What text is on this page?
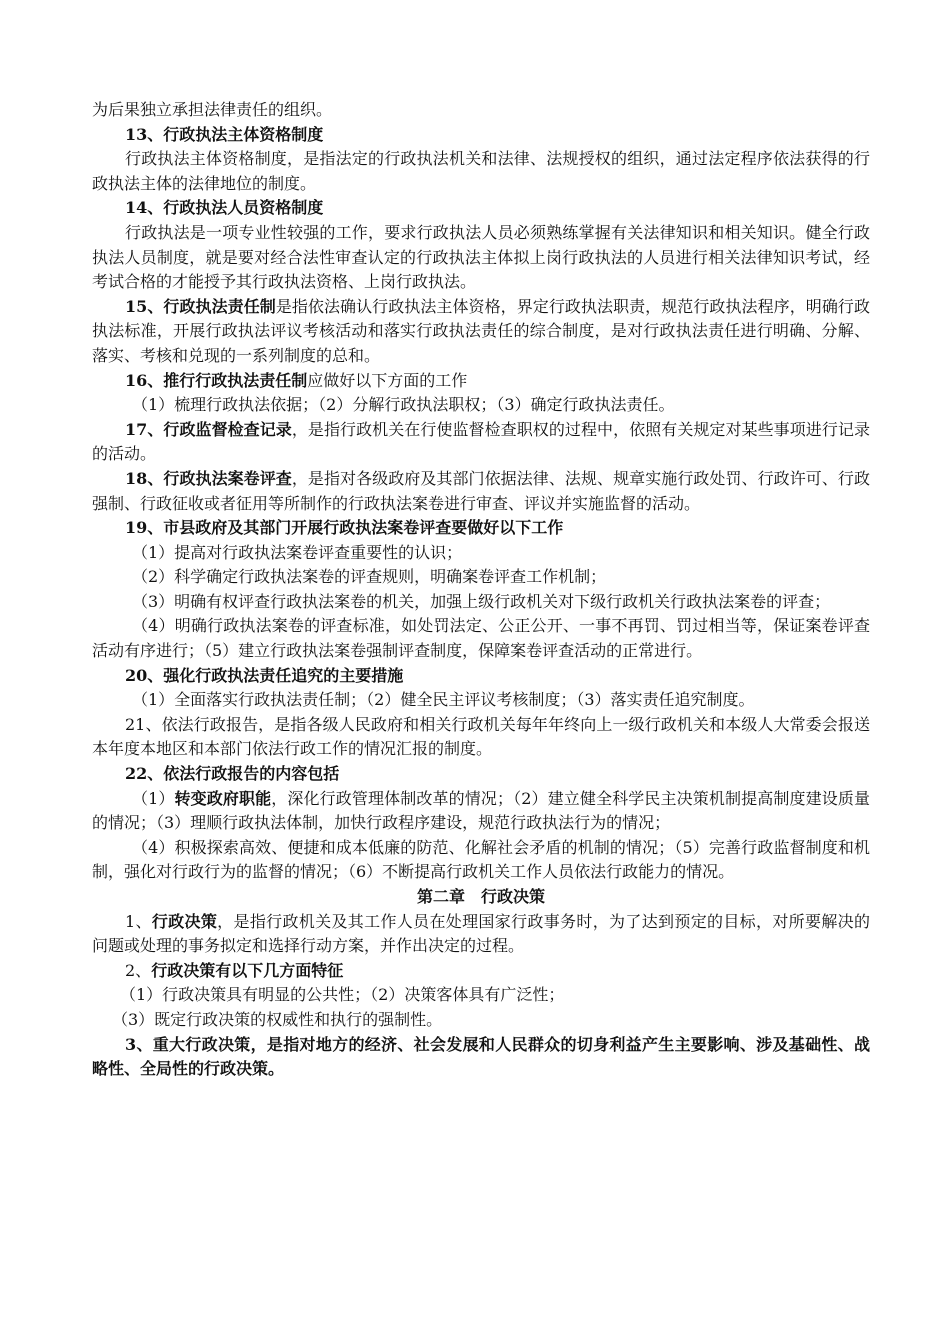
为后果独立承担法律责任的组织。

13、行政执法主体资格制度

行政执法主体资格制度，是指法定的行政执法机关和法律、法规授权的组织，通过法定程序依法获得的行政执法主体的法律地位的制度。

14、行政执法人员资格制度

行政执法是一项专业性较强的工作，要求行政执法人员必须熟练掌握有关法律知识和相关知识。健全行政执法人员制度，就是要对经合法性审查认定的行政执法主体拟上岗行政执法的人员进行相关法律知识考试，经考试合格的才能授予其行政执法资格、上岗行政执法。

15、行政执法责任制是指依法确认行政执法主体资格，界定行政执法职责，规范行政执法程序，明确行政执法标准，开展行政执法评议考核活动和落实行政执法责任的综合制度，是对行政执法责任进行明确、分解、落实、考核和兑现的一系列制度的总和。

16、推行行政执法责任制应做好以下方面的工作

（1）梳理行政执法依据；（2）分解行政执法职权；（3）确定行政执法责任。

17、行政监督检查记录，是指行政机关在行使监督检查职权的过程中，依照有关规定对某些事项进行记录的活动。

18、行政执法案卷评查，是指对各级政府及其部门依据法律、法规、规章实施行政处罚、行政许可、行政强制、行政征收或者征用等所制作的行政执法案卷进行审查、评议并实施监督的活动。

19、市县政府及其部门开展行政执法案卷评查要做好以下工作

（1）提高对行政执法案卷评查重要性的认识；

（2）科学确定行政执法案卷的评查规则，明确案卷评查工作机制；

（3）明确有权评查行政执法案卷的机关，加强上级行政机关对下级行政机关行政执法案卷的评查；

（4）明确行政执法案卷的评查标准，如处罚法定、公正公开、一事不再罚、罚过相当等，保证案卷评查活动有序进行；（5）建立行政执法案卷强制评查制度，保障案卷评查活动的正常进行。

20、强化行政执法责任追究的主要措施

（1）全面落实行政执法责任制；（2）健全民主评议考核制度；（3）落实责任追究制度。

21、依法行政报告，是指各级人民政府和相关行政机关每年年终向上一级行政机关和本级人大常委会报送本年度本地区和本部门依法行政工作的情况汇报的制度。

22、依法行政报告的内容包括

（1）转变政府职能，深化行政管理体制改革的情况；（2）建立健全科学民主决策机制提高制度建设质量的情况；（3）理顺行政执法体制，加快行政程序建设，规范行政执法行为的情况；

（4）积极探索高效、便捷和成本低廉的防范、化解社会矛盾的机制的情况；（5）完善行政监督制度和机制，强化对行政行为的监督的情况；（6）不断提高行政机关工作人员依法行政能力的情况。

第二章　行政决策

1、行政决策，是指行政机关及其工作人员在处理国家行政事务时，为了达到预定的目标，对所要解决的问题或处理的事务拟定和选择行动方案，并作出决定的过程。

2、行政决策有以下几方面特征

（1）行政决策具有明显的公共性；（2）决策客体具有广泛性；

（3）既定行政决策的权威性和执行的强制性。

3、重大行政决策，是指对地方的经济、社会发展和人民群众的切身利益产生主要影响、涉及基础性、战略性、全局性的行政决策。
